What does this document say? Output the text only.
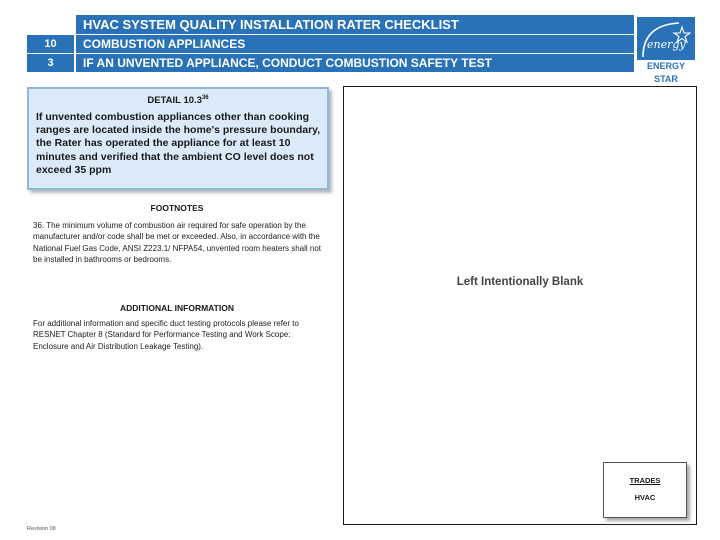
HVAC SYSTEM QUALITY INSTALLATION RATER CHECKLIST
10	COMBUSTION APPLIANCES
3	IF AN UNVENTED APPLIANCE, CONDUCT COMBUSTION SAFETY TEST
energy
ENERGY STAR
DETAIL 10.3$^{36}$
If unvented combustion appliances other than cooking ranges are located inside the home's pressure boundary, the Rater has operated the appliance for at least 10 minutes and verified that the ambient CO level does not exceed 35 ppm
FOOTNOTES
36. The minimum volume of combustion air required for safe operation by the manufacturer and/or code shall be met or exceeded. Also, in accordance with the National Fuel Gas Code, ANSI Z223.1/ NFPA54, unvented room heaters shall not be installed in bathrooms or bedrooms.
ADDITIONAL INFORMATION
For additional information and specific duct testing protocols please refer to RESNET Chapter 8 (Standard for Performance Testing and Work Scope: Enclosure and Air Distribution Leakage Testing).
Left Intentionally Blank
TRADES
HVAC
Revision 08
